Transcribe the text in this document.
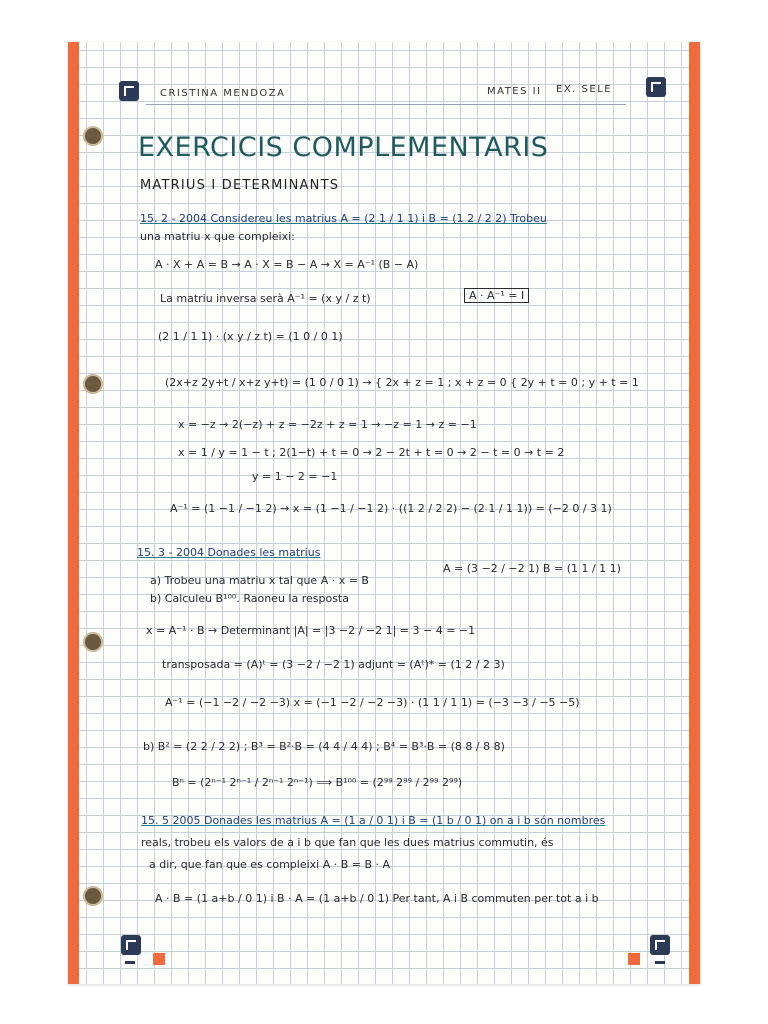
CRISTINA MENDOZA	MATES II EX. SELE
EXERCICIS COMPLEMENTARIS
MATRIUS I DETERMINANTS
15. 2 - 2004 Considereu les matrius A = (2 1 / 1 1) i B = (1 2 / 2 2) Trobeu
una matriu x que compleixi:
A · X + A = B → A · X = B − A → X = A⁻¹ (B − A)
La matriu inversa serà A⁻¹ = (x y / z t)	A · A⁻¹ = I
(2 1 / 1 1) · (x y / z t) = (1 0 / 0 1)
(2x+z 2y+t / x+z y+t) = (1 0 / 0 1) → { 2x + z = 1 ; x + z = 0 { 2y + t = 0 ; y + t = 1
x = −z → 2(−z) + z = −2z + z = 1 → −z = 1 → z = −1
x = 1 / y = 1 − t ; 2(1−t) + t = 0 → 2 − 2t + t = 0 → 2 − t = 0 → t = 2
y = 1 − 2 = −1
A⁻¹ = (1 −1 / −1 2) → x = (1 −1 / −1 2) · ((1 2 / 2 2) − (2 1 / 1 1)) = (−2 0 / 3 1)
15. 3 - 2004 Donades les matrius
A = (3 −2 / −2 1) B = (1 1 / 1 1)
a) Trobeu una matriu x tal que A · x = B
b) Calculeu B¹⁰⁰. Raoneu la resposta
x = A⁻¹ · B → Determinant |A| = |3 −2 / −2 1| = 3 − 4 = −1
transposada = (A)ᵗ = (3 −2 / −2 1) adjunt = (Aᵗ)* = (1 2 / 2 3)
A⁻¹ = (−1 −2 / −2 −3) x = (−1 −2 / −2 −3) · (1 1 / 1 1) = (−3 −3 / −5 −5)
b) B² = (2 2 / 2 2) ; B³ = B²·B = (4 4 / 4 4) ; B⁴ = B³·B = (8 8 / 8 8)
Bⁿ = (2ⁿ⁻¹ 2ⁿ⁻¹ / 2ⁿ⁻¹ 2ⁿ⁻¹) ⟹ B¹⁰⁰ = (2⁹⁹ 2⁹⁹ / 2⁹⁹ 2⁹⁹)
15. 5 2005 Donades les matrius A = (1 a / 0 1) i B = (1 b / 0 1) on a i b són nombres
reals, trobeu els valors de a i b que fan que les dues matrius commutin, és
a dir, que fan que es compleixi A · B = B · A
A · B = (1 a+b / 0 1) i B · A = (1 a+b / 0 1) Per tant, A i B commuten per tot a i b
